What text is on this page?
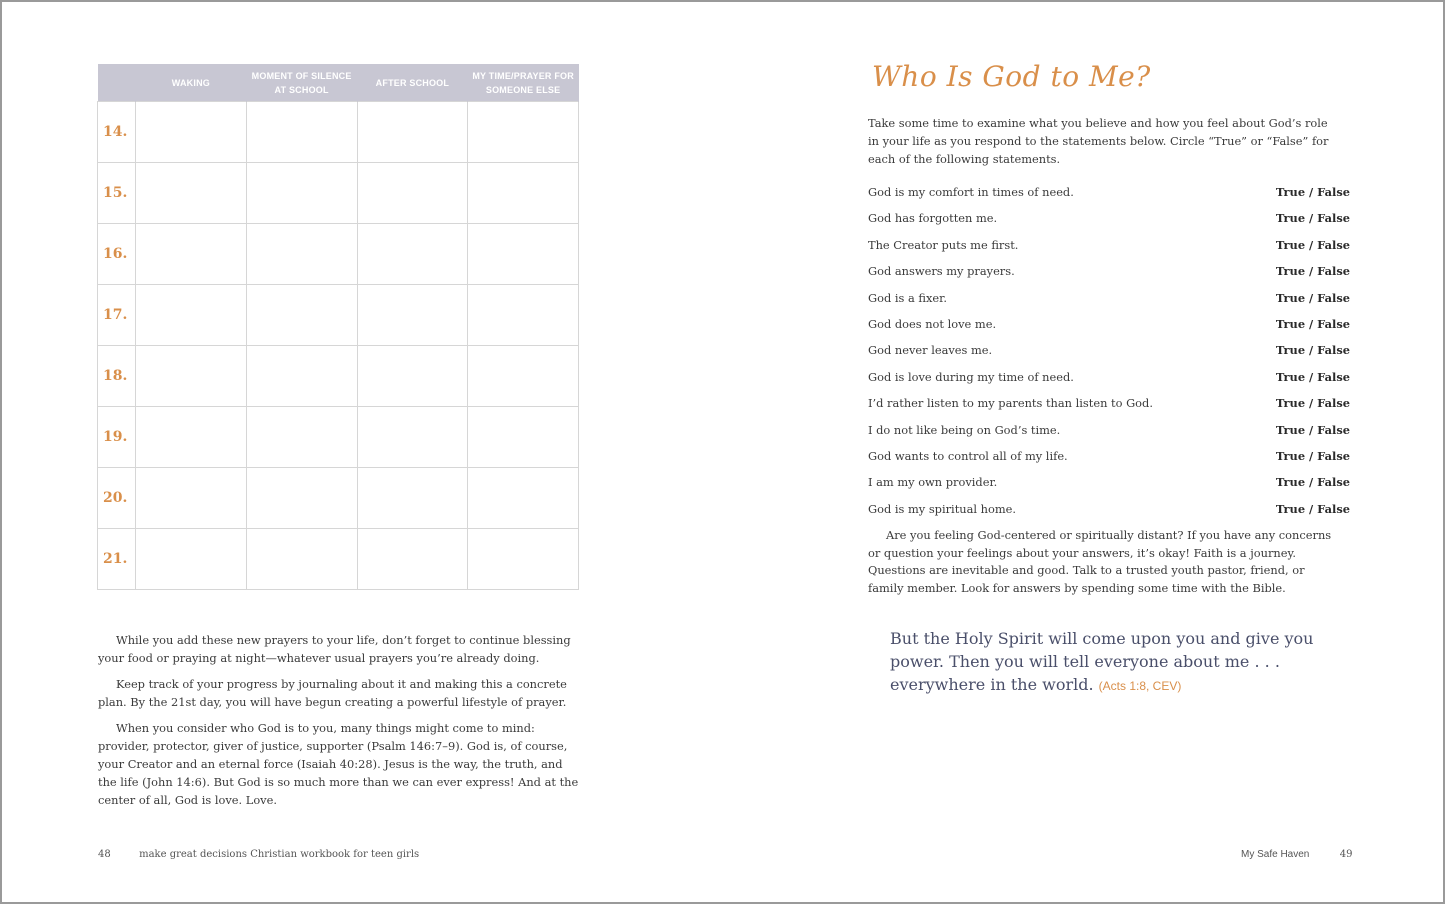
	WAKING	MOMENT OF SILENCE AT SCHOOL	AFTER SCHOOL	MY TIME/PRAYER FOR SOMEONE ELSE
14.				
15.				
16.				
17.				
18.				
19.				
20.				
21.				

While you add these new prayers to your life, don’t forget to continue blessing your food or praying at night—whatever usual prayers you’re already doing.

Keep track of your progress by journaling about it and making this a concrete plan. By the 21st day, you will have begun creating a powerful lifestyle of prayer.

When you consider who God is to you, many things might come to mind: provider, protector, giver of justice, supporter (Psalm 146:7–9). God is, of course, your Creator and an eternal force (Isaiah 40:28). Jesus is the way, the truth, and the life (John 14:6). But God is so much more than we can ever express! And at the center of all, God is love. Love.

48	make great decisions Christian workbook for teen girls
Who Is God to Me?
Take some time to examine what you believe and how you feel about God’s role in your life as you respond to the statements below. Circle “True” or “False” for each of the following statements.
God is my comfort in times of need.	True / False
God has forgotten me.	True / False
The Creator puts me first.	True / False
God answers my prayers.	True / False
God is a fixer.	True / False
God does not love me.	True / False
God never leaves me.	True / False
God is love during my time of need.	True / False
I’d rather listen to my parents than listen to God.	True / False
I do not like being on God’s time.	True / False
God wants to control all of my life.	True / False
I am my own provider.	True / False
God is my spiritual home.	True / False

Are you feeling God-centered or spiritually distant? If you have any concerns or question your feelings about your answers, it’s okay! Faith is a journey. Questions are inevitable and good. Talk to a trusted youth pastor, friend, or family member. Look for answers by spending some time with the Bible.

But the Holy Spirit will come upon you and give you power. Then you will tell everyone about me . . . everywhere in the world. (Acts 1:8, CEV)
My Safe Haven	49
